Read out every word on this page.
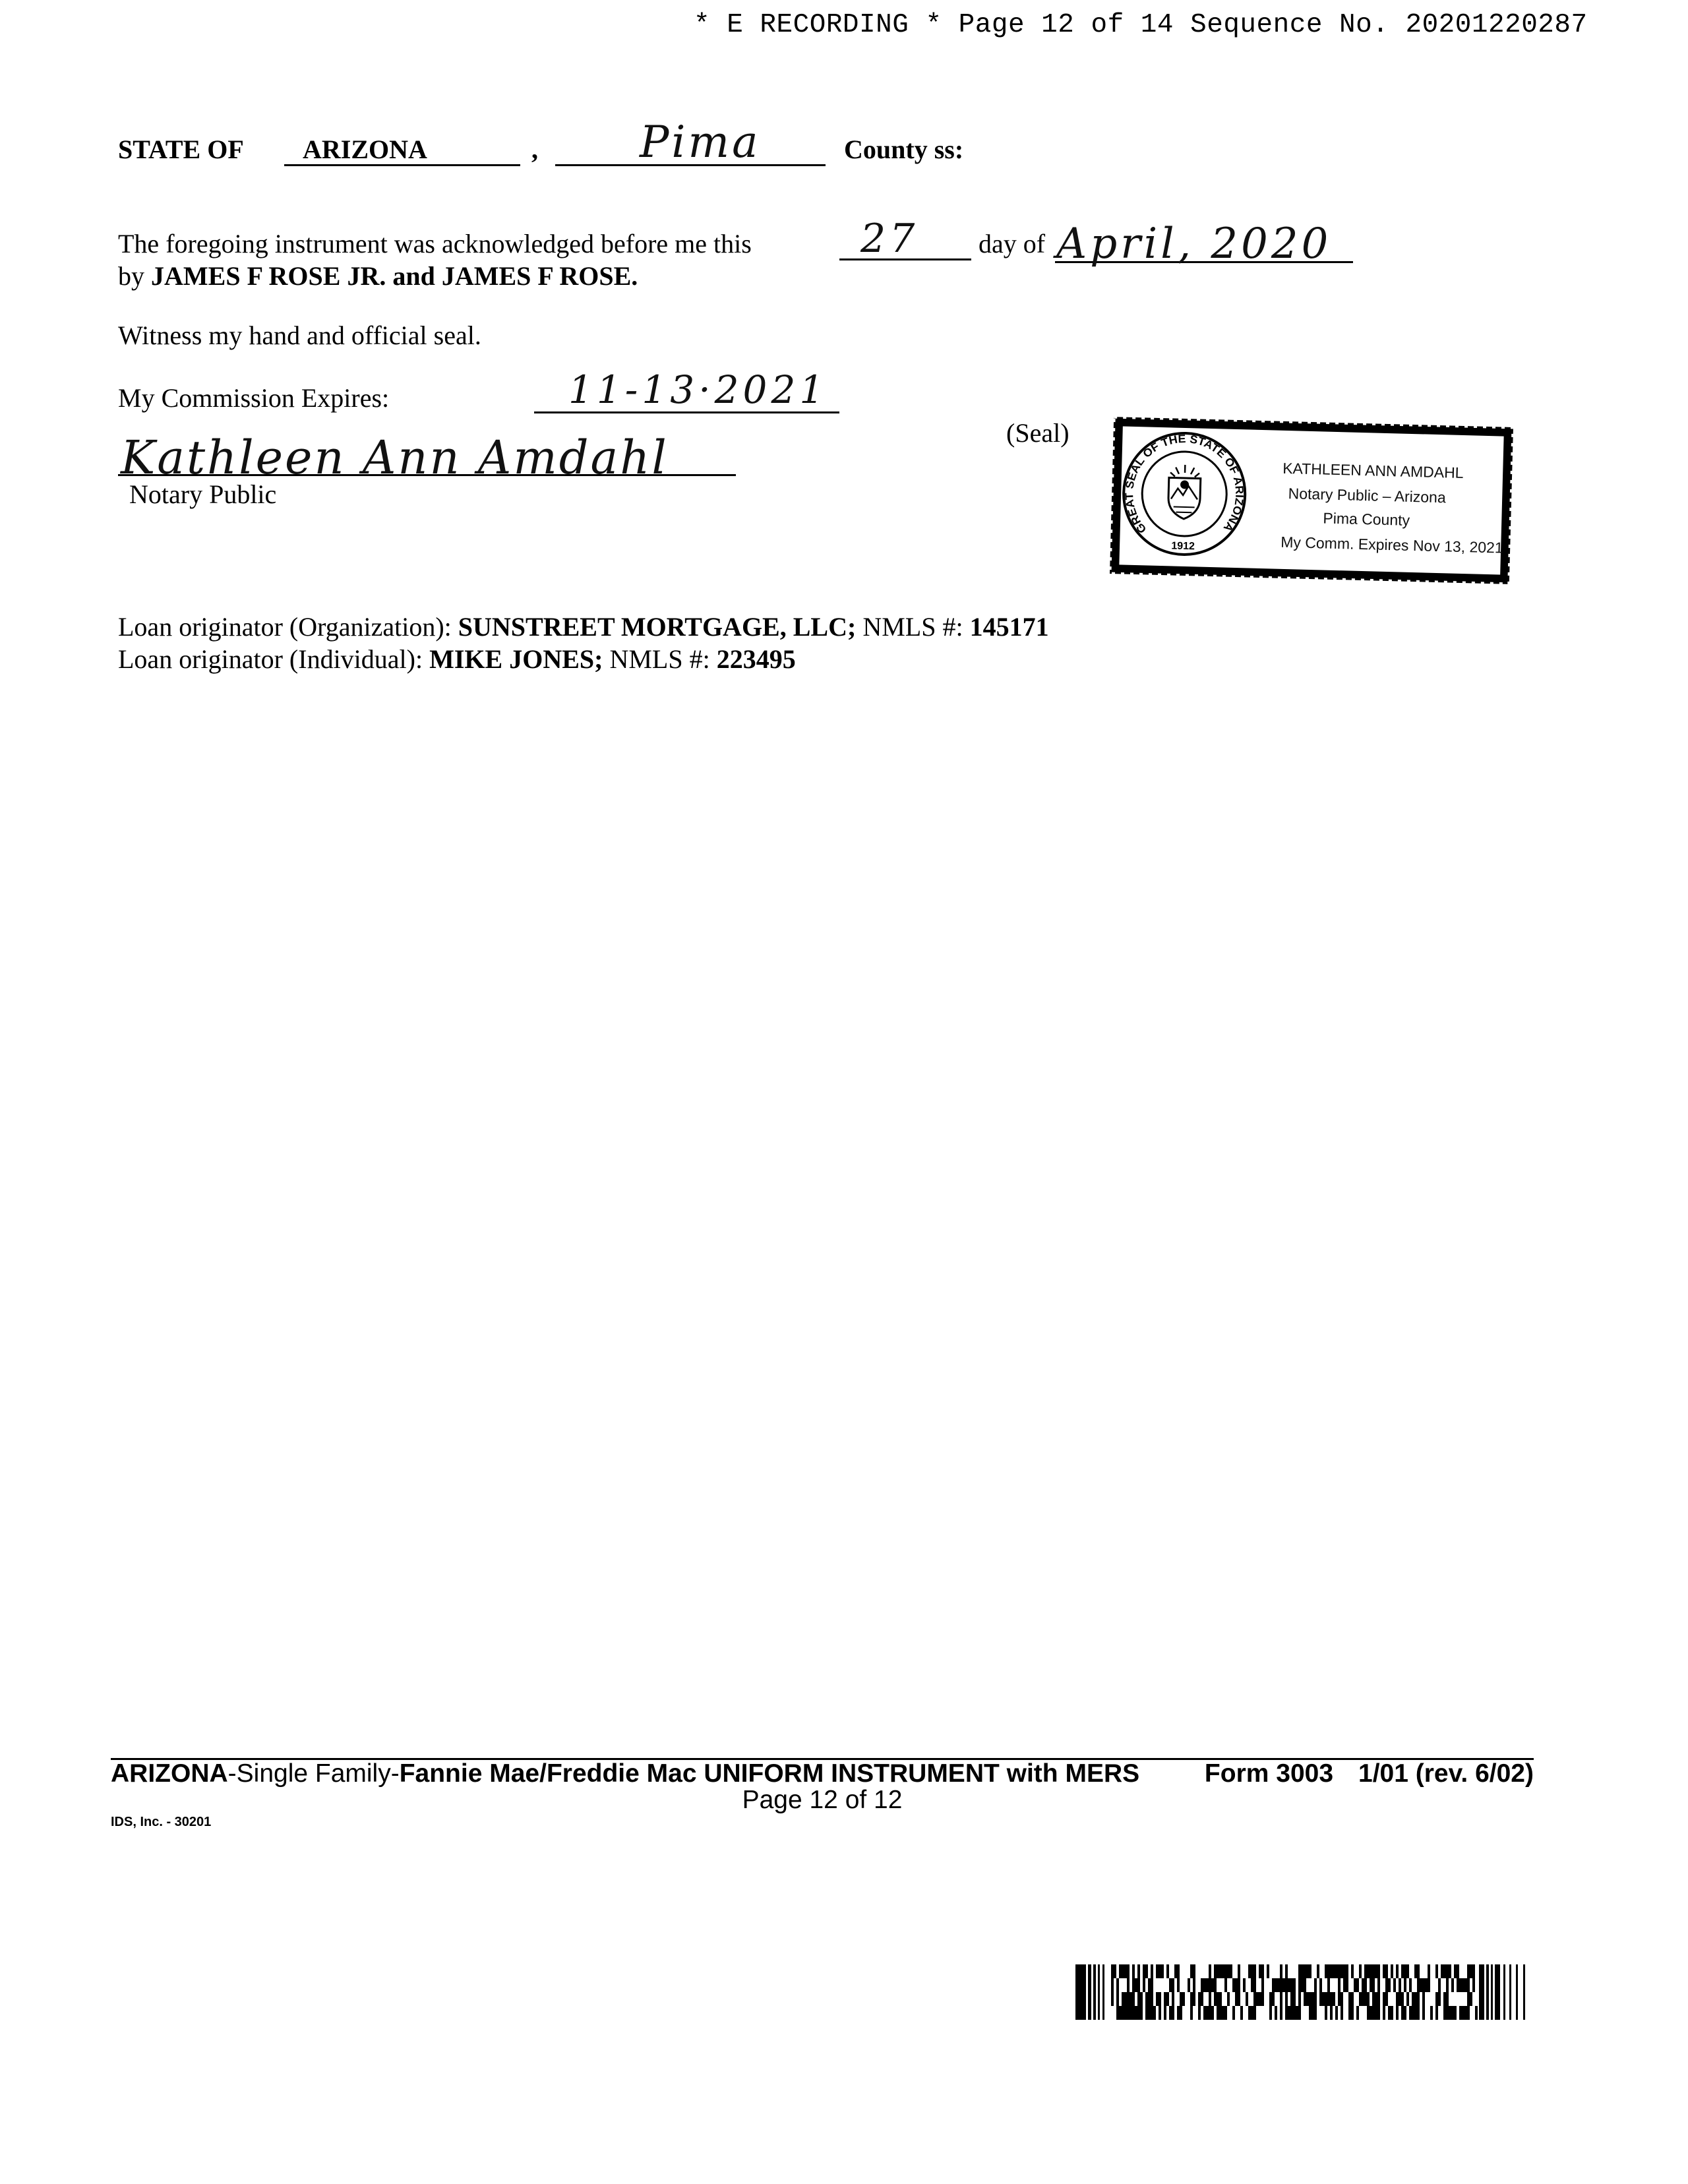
* E RECORDING * Page 12 of 14 Sequence No. 20201220287
STATE OF ARIZONA	, Pima	County ss:
The foregoing instrument was acknowledged before me this
by JAMES F ROSE JR. and JAMES F ROSE.
27 day of April, 2020
Witness my hand and official seal.
My Commission Expires:	11-13·2021
Kathleen Ann Amdahl
Notary Public
(Seal)
GREAT SEAL OF THE STATE OF ARIZONA
1912
KATHLEEN ANN AMDAHL
Notary Public – Arizona
Pima County
My Comm. Expires Nov 13, 2021
Loan originator (Organization): SUNSTREET MORTGAGE, LLC; NMLS #: 145171
Loan originator (Individual): MIKE JONES; NMLS #: 223495
ARIZONA-Single Family-Fannie Mae/Freddie Mac UNIFORM INSTRUMENT with MERS	Form 3003 1/01 (rev. 6/02)
Page 12 of 12
IDS, Inc. - 30201
